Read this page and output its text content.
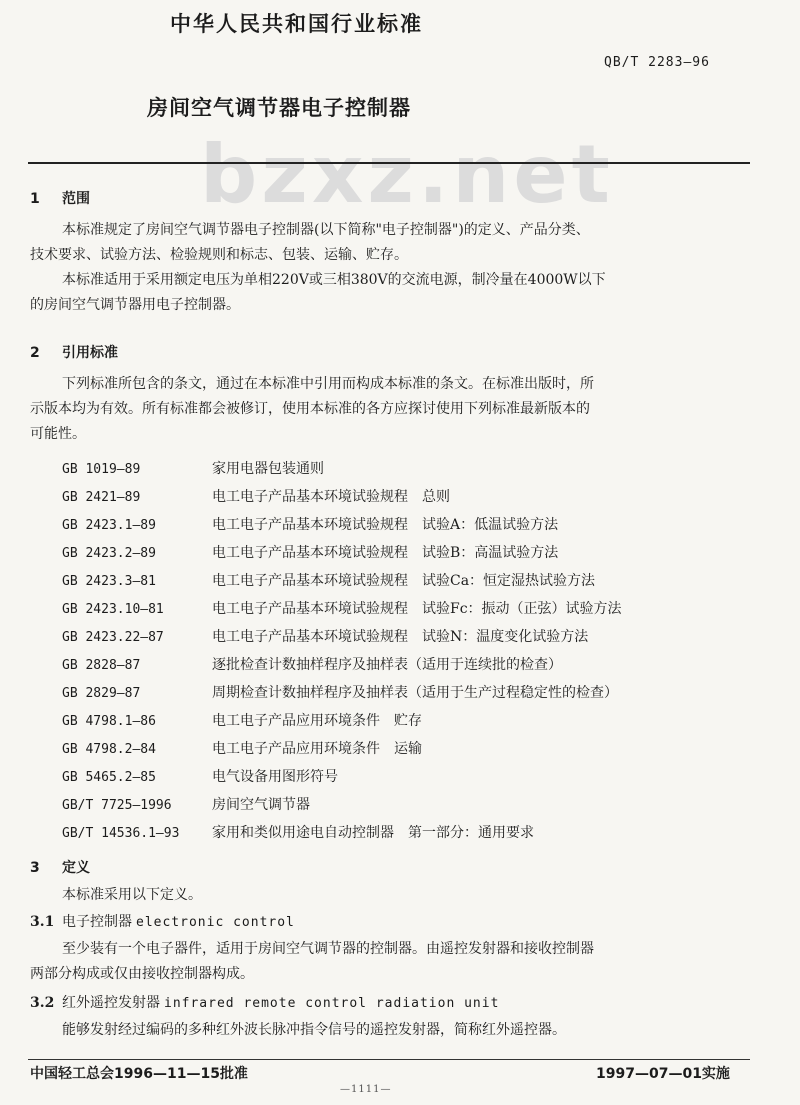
中华人民共和国行业标准
QB/T 2283—96
房间空气调节器电子控制器
bzxz.net
1 范围
本标准规定了房间空气调节器电子控制器(以下简称"电子控制器")的定义、产品分类、
技术要求、试验方法、检验规则和标志、包装、运输、贮存。
本标准适用于采用额定电压为单相220V或三相380V的交流电源，制冷量在4000W以下
的房间空气调节器用电子控制器。
2 引用标准
下列标准所包含的条文，通过在本标准中引用而构成本标准的条文。在标准出版时，所
示版本均为有效。所有标准都会被修订，使用本标准的各方应探讨使用下列标准最新版本的
可能性。
GB 1019—89	家用电器包装通则
GB 2421—89	电工电子产品基本环境试验规程　总则
GB 2423.1—89	电工电子产品基本环境试验规程　试验A：低温试验方法
GB 2423.2—89	电工电子产品基本环境试验规程　试验B：高温试验方法
GB 2423.3—81	电工电子产品基本环境试验规程　试验Ca：恒定湿热试验方法
GB 2423.10—81	电工电子产品基本环境试验规程　试验Fc：振动（正弦）试验方法
GB 2423.22—87	电工电子产品基本环境试验规程　试验N：温度变化试验方法
GB 2828—87	逐批检查计数抽样程序及抽样表（适用于连续批的检查）
GB 2829—87	周期检查计数抽样程序及抽样表（适用于生产过程稳定性的检查）
GB 4798.1—86	电工电子产品应用环境条件　贮存
GB 4798.2—84	电工电子产品应用环境条件　运输
GB 5465.2—85	电气设备用图形符号
GB/T 7725—1996	房间空气调节器
GB/T 14536.1—93 家用和类似用途电自动控制器　第一部分：通用要求
3 定义
本标准采用以下定义。
3.1 电子控制器 electronic control
至少装有一个电子器件，适用于房间空气调节器的控制器。由遥控发射器和接收控制器
两部分构成或仅由接收控制器构成。
3.2 红外遥控发射器 infrared remote control radiation unit
能够发射经过编码的多种红外波长脉冲指令信号的遥控发射器，简称红外遥控器。
中国轻工总会1996—11—15批准	1997—07—01实施
—1111—
